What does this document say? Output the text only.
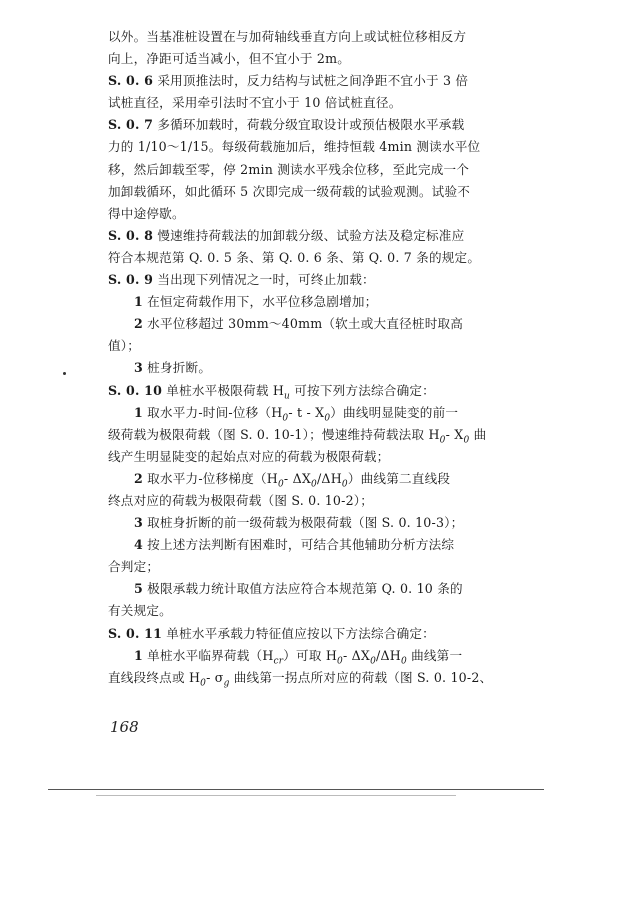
以外。当基准桩设置在与加荷轴线垂直方向上或试桩位移相反方
向上，净距可适当减小，但不宜小于 2m。
S. 0. 6 采用顶推法时，反力结构与试桩之间净距不宜小于 3 倍
试桩直径，采用牵引法时不宜小于 10 倍试桩直径。
S. 0. 7 多循环加载时，荷载分级宜取设计或预估极限水平承载
力的 1/10～1/15。每级荷载施加后，维持恒载 4min 测读水平位
移，然后卸载至零，停 2min 测读水平残余位移，至此完成一个
加卸载循环，如此循环 5 次即完成一级荷载的试验观测。试验不
得中途停歇。
S. 0. 8 慢速维持荷载法的加卸载分级、试验方法及稳定标准应
符合本规范第 Q. 0. 5 条、第 Q. 0. 6 条、第 Q. 0. 7 条的规定。
S. 0. 9 当出现下列情况之一时，可终止加载：
1 在恒定荷载作用下，水平位移急剧增加；
2 水平位移超过 30mm～40mm（软土或大直径桩时取高
值）；
3 桩身折断。
S. 0. 10 单桩水平极限荷载 $H_u$ 可按下列方法综合确定：
1 取水平力-时间-位移（$H_0-$ t - $X_0$）曲线明显陡变的前一
级荷载为极限荷载（图 S. 0. 10-1）；慢速维持荷载法取 $H_0-$ $X_0$ 曲
线产生明显陡变的起始点对应的荷载为极限荷载；
2 取水平力-位移梯度（$H_0-$ $\Delta X_0/\Delta H_0$）曲线第二直线段
终点对应的荷载为极限荷载（图 S. 0. 10-2）；
3 取桩身折断的前一级荷载为极限荷载（图 S. 0. 10-3）；
4 按上述方法判断有困难时，可结合其他辅助分析方法综
合判定；
5 极限承载力统计取值方法应符合本规范第 Q. 0. 10 条的
有关规定。
S. 0. 11 单桩水平承载力特征值应按以下方法综合确定：
1 单桩水平临界荷载$(H_{cr})$可取 $H_0-$ $\Delta X_0/\Delta H_0$ 曲线第一
直线段终点或 $H_0-$ $\sigma_g$ 曲线第一拐点所对应的荷载（图 S. 0. 10-2、
168
